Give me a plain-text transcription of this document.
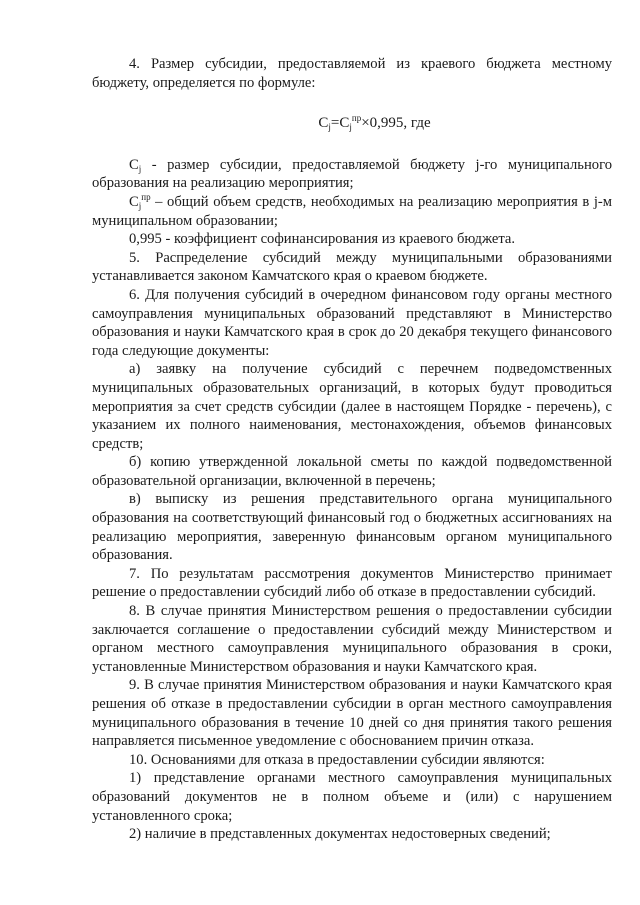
4. Размер субсидии, предоставляемой из краевого бюджета местному бюджету, определяется по формуле:

$C_j=C_j^{пр}\times 0,995$, где

$C_j$ - размер субсидии, предоставляемой бюджету j-го муниципального образования на реализацию мероприятия;

$C_j^{пр}$ – общий объем средств, необходимых на реализацию мероприятия в j-м муниципальном образовании;

0,995 - коэффициент софинансирования из краевого бюджета.

5. Распределение субсидий между муниципальными образованиями устанавливается законом Камчатского края о краевом бюджете.

6. Для получения субсидий в очередном финансовом году органы местного самоуправления муниципальных образований представляют в Министерство образования и науки Камчатского края в срок до 20 декабря текущего финансового года следующие документы:

а) заявку на получение субсидий с перечнем подведомственных муниципальных образовательных организаций, в которых будут проводиться мероприятия за счет средств субсидии (далее в настоящем Порядке - перечень), с указанием их полного наименования, местонахождения, объемов финансовых средств;

б) копию утвержденной локальной сметы по каждой подведомственной образовательной организации, включенной в перечень;

в) выписку из решения представительного органа муниципального образования на соответствующий финансовый год о бюджетных ассигнованиях на реализацию мероприятия, заверенную финансовым органом муниципального образования.

7. По результатам рассмотрения документов Министерство принимает решение о предоставлении субсидий либо об отказе в предоставлении субсидий.

8. В случае принятия Министерством решения о предоставлении субсидии заключается соглашение о предоставлении субсидий между Министерством и органом местного самоуправления муниципального образования в сроки, установленные Министерством образования и науки Камчатского края.

9. В случае принятия Министерством образования и науки Камчатского края решения об отказе в предоставлении субсидии в орган местного самоуправления муниципального образования в течение 10 дней со дня принятия такого решения направляется письменное уведомление с обоснованием причин отказа.

10. Основаниями для отказа в предоставлении субсидии являются:

1) представление органами местного самоуправления муниципальных образований документов не в полном объеме и (или) с нарушением установленного срока;

2) наличие в представленных документах недостоверных сведений;
